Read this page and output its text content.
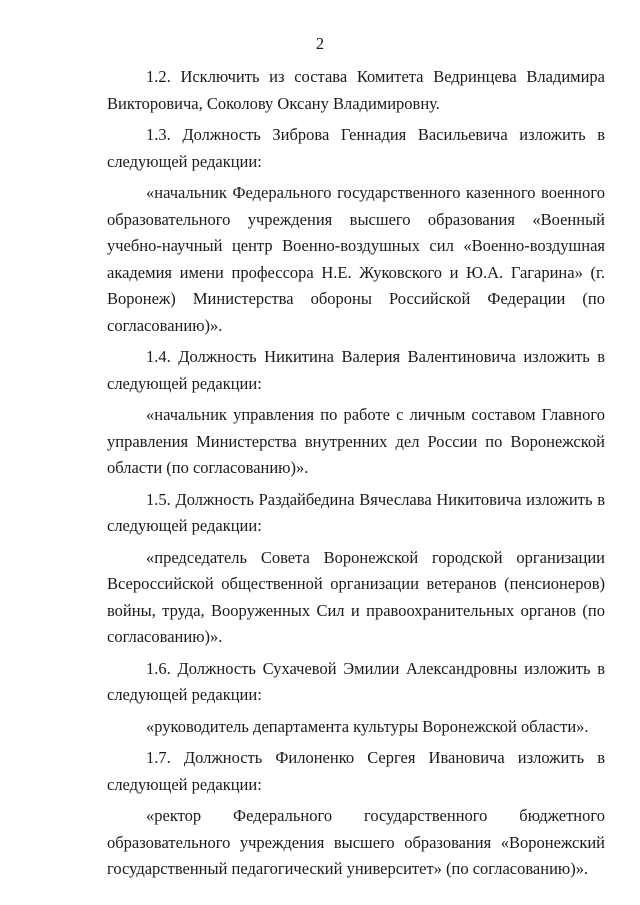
2

1.2. Исключить из состава Комитета Ведринцева Владимира Викторовича, Соколову Оксану Владимировну.

1.3. Должность Зиброва Геннадия Васильевича изложить в следующей редакции:

«начальник Федерального государственного казенного военного образовательного учреждения высшего образования «Военный учебно-научный центр Военно-воздушных сил «Военно-воздушная академия имени профессора Н.Е. Жуковского и Ю.А. Гагарина» (г. Воронеж) Министерства обороны Российской Федерации (по согласованию)».

1.4. Должность Никитина Валерия Валентиновича изложить в следующей редакции:

«начальник управления по работе с личным составом Главного управления Министерства внутренних дел России по Воронежской области (по согласованию)».

1.5. Должность Раздайбедина Вячеслава Никитовича изложить в следующей редакции:

«председатель Совета Воронежской городской организации Всероссийской общественной организации ветеранов (пенсионеров) войны, труда, Вооруженных Сил и правоохранительных органов (по согласованию)».

1.6. Должность Сухачевой Эмилии Александровны изложить в следующей редакции:

«руководитель департамента культуры Воронежской области».

1.7. Должность Филоненко Сергея Ивановича изложить в следующей редакции:

«ректор Федерального государственного бюджетного образовательного учреждения высшего образования «Воронежский государственный педагогический университет» (по согласованию)».
